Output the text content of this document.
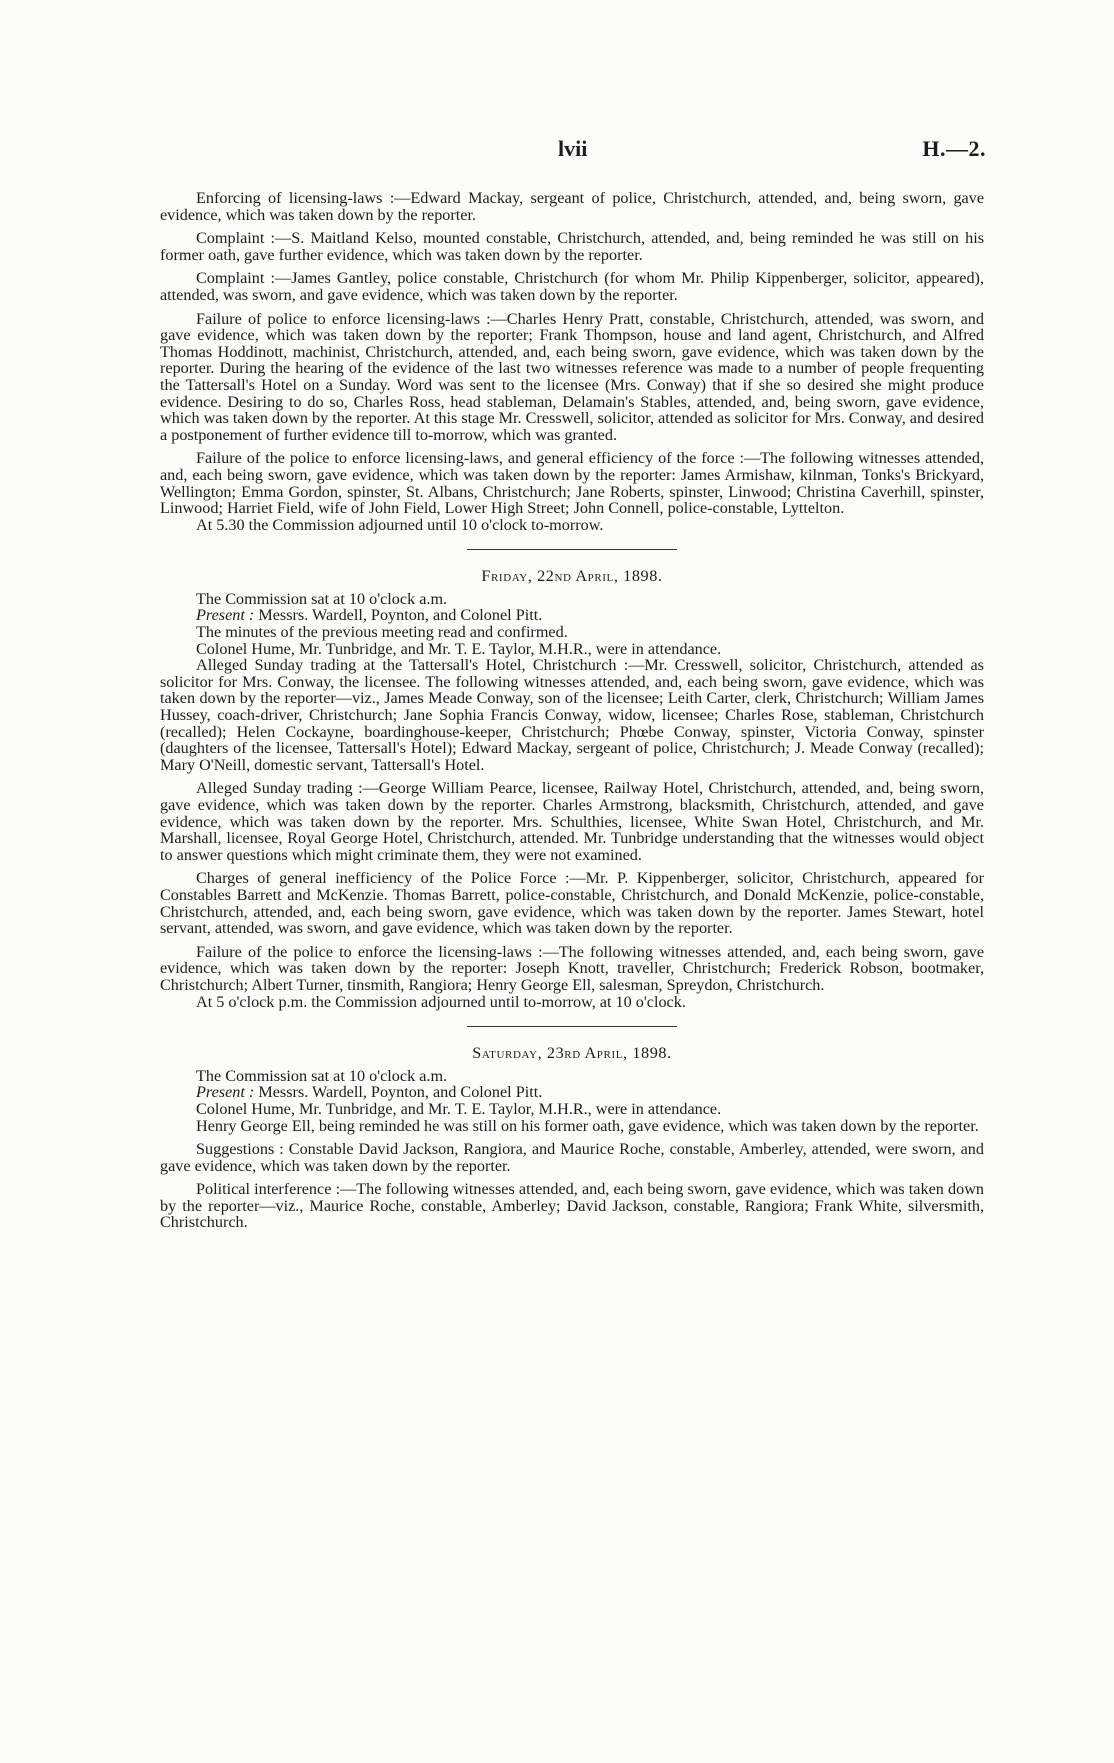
lvii	H.—2.

Enforcing of licensing-laws :—Edward Mackay, sergeant of police, Christchurch, attended, and, being sworn, gave evidence, which was taken down by the reporter.

Complaint :—S. Maitland Kelso, mounted constable, Christchurch, attended, and, being reminded he was still on his former oath, gave further evidence, which was taken down by the reporter.

Complaint :—James Gantley, police constable, Christchurch (for whom Mr. Philip Kippenberger, solicitor, appeared), attended, was sworn, and gave evidence, which was taken down by the reporter.

Failure of police to enforce licensing-laws :—Charles Henry Pratt, constable, Christchurch, attended, was sworn, and gave evidence, which was taken down by the reporter; Frank Thompson, house and land agent, Christchurch, and Alfred Thomas Hoddinott, machinist, Christchurch, attended, and, each being sworn, gave evidence, which was taken down by the reporter. During the hearing of the evidence of the last two witnesses reference was made to a number of people frequenting the Tattersall's Hotel on a Sunday. Word was sent to the licensee (Mrs. Conway) that if she so desired she might produce evidence. Desiring to do so, Charles Ross, head stableman, Delamain's Stables, attended, and, being sworn, gave evidence, which was taken down by the reporter. At this stage Mr. Cresswell, solicitor, attended as solicitor for Mrs. Conway, and desired a postponement of further evidence till to-morrow, which was granted.

Failure of the police to enforce licensing-laws, and general efficiency of the force :—The following witnesses attended, and, each being sworn, gave evidence, which was taken down by the reporter: James Armishaw, kilnman, Tonks's Brickyard, Wellington; Emma Gordon, spinster, St. Albans, Christchurch; Jane Roberts, spinster, Linwood; Christina Caverhill, spinster, Linwood; Harriet Field, wife of John Field, Lower High Street; John Connell, police-constable, Lyttelton.

At 5.30 the Commission adjourned until 10 o'clock to-morrow.

Friday, 22nd April, 1898.

The Commission sat at 10 o'clock a.m.

Present : Messrs. Wardell, Poynton, and Colonel Pitt.

The minutes of the previous meeting read and confirmed.

Colonel Hume, Mr. Tunbridge, and Mr. T. E. Taylor, M.H.R., were in attendance.

Alleged Sunday trading at the Tattersall's Hotel, Christchurch :—Mr. Cresswell, solicitor, Christchurch, attended as solicitor for Mrs. Conway, the licensee. The following witnesses attended, and, each being sworn, gave evidence, which was taken down by the reporter—viz., James Meade Conway, son of the licensee; Leith Carter, clerk, Christchurch; William James Hussey, coach-driver, Christchurch; Jane Sophia Francis Conway, widow, licensee; Charles Rose, stableman, Christchurch (recalled); Helen Cockayne, boardinghouse-keeper, Christchurch; Phœbe Conway, spinster, Victoria Conway, spinster (daughters of the licensee, Tattersall's Hotel); Edward Mackay, sergeant of police, Christchurch; J. Meade Conway (recalled); Mary O'Neill, domestic servant, Tattersall's Hotel.

Alleged Sunday trading :—George William Pearce, licensee, Railway Hotel, Christchurch, attended, and, being sworn, gave evidence, which was taken down by the reporter. Charles Armstrong, blacksmith, Christchurch, attended, and gave evidence, which was taken down by the reporter. Mrs. Schulthies, licensee, White Swan Hotel, Christchurch, and Mr. Marshall, licensee, Royal George Hotel, Christchurch, attended. Mr. Tunbridge understanding that the witnesses would object to answer questions which might criminate them, they were not examined.

Charges of general inefficiency of the Police Force :—Mr. P. Kippenberger, solicitor, Christchurch, appeared for Constables Barrett and McKenzie. Thomas Barrett, police-constable, Christchurch, and Donald McKenzie, police-constable, Christchurch, attended, and, each being sworn, gave evidence, which was taken down by the reporter. James Stewart, hotel servant, attended, was sworn, and gave evidence, which was taken down by the reporter.

Failure of the police to enforce the licensing-laws :—The following witnesses attended, and, each being sworn, gave evidence, which was taken down by the reporter: Joseph Knott, traveller, Christchurch; Frederick Robson, bootmaker, Christchurch; Albert Turner, tinsmith, Rangiora; Henry George Ell, salesman, Spreydon, Christchurch.

At 5 o'clock p.m. the Commission adjourned until to-morrow, at 10 o'clock.

Saturday, 23rd April, 1898.

The Commission sat at 10 o'clock a.m.

Present : Messrs. Wardell, Poynton, and Colonel Pitt.

Colonel Hume, Mr. Tunbridge, and Mr. T. E. Taylor, M.H.R., were in attendance.

Henry George Ell, being reminded he was still on his former oath, gave evidence, which was taken down by the reporter.

Suggestions : Constable David Jackson, Rangiora, and Maurice Roche, constable, Amberley, attended, were sworn, and gave evidence, which was taken down by the reporter.

Political interference :—The following witnesses attended, and, each being sworn, gave evidence, which was taken down by the reporter—viz., Maurice Roche, constable, Amberley; David Jackson, constable, Rangiora; Frank White, silversmith, Christchurch.
